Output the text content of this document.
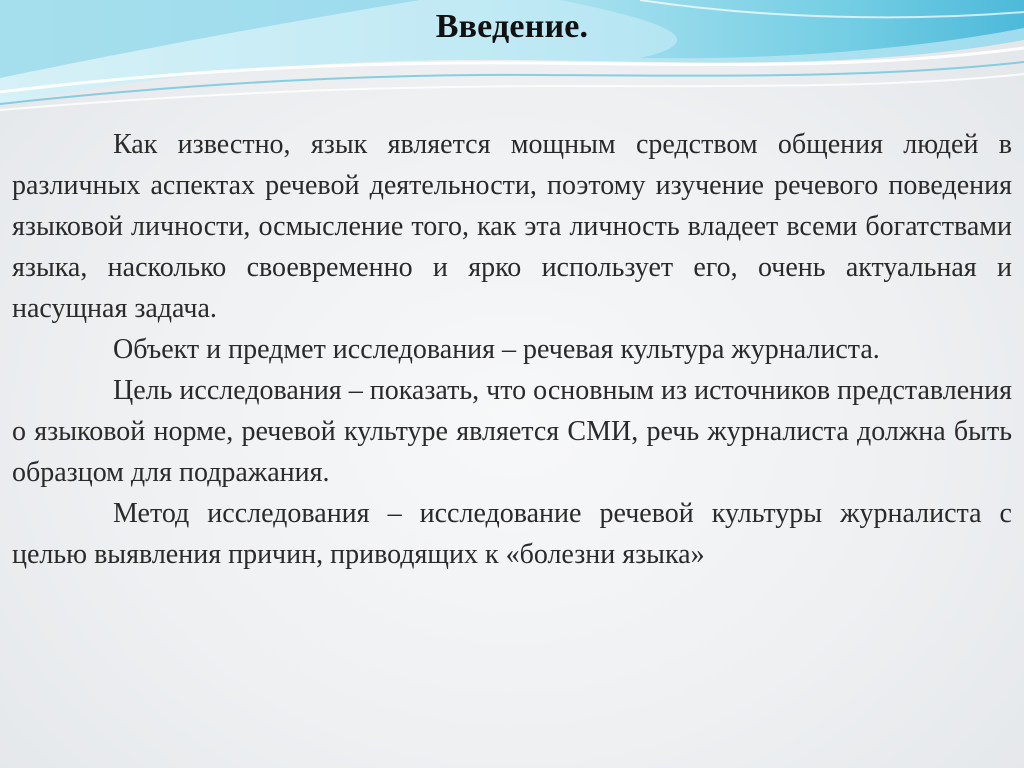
Введение.

Как известно, язык является мощным средством общения людей в различных аспектах речевой деятельности, поэтому изучение речевого поведения языковой личности, осмысление того, как эта личность владеет всеми богатствами языка, насколько своевременно и ярко использует его, очень актуальная и насущная задача.

Объект и предмет исследования – речевая культура журналиста.

Цель исследования – показать, что основным из источников представления о языковой норме, речевой культуре является СМИ, речь журналиста должна быть образцом для подражания.

Метод исследования – исследование речевой культуры журналиста с целью выявления причин, приводящих к «болезни языка»
